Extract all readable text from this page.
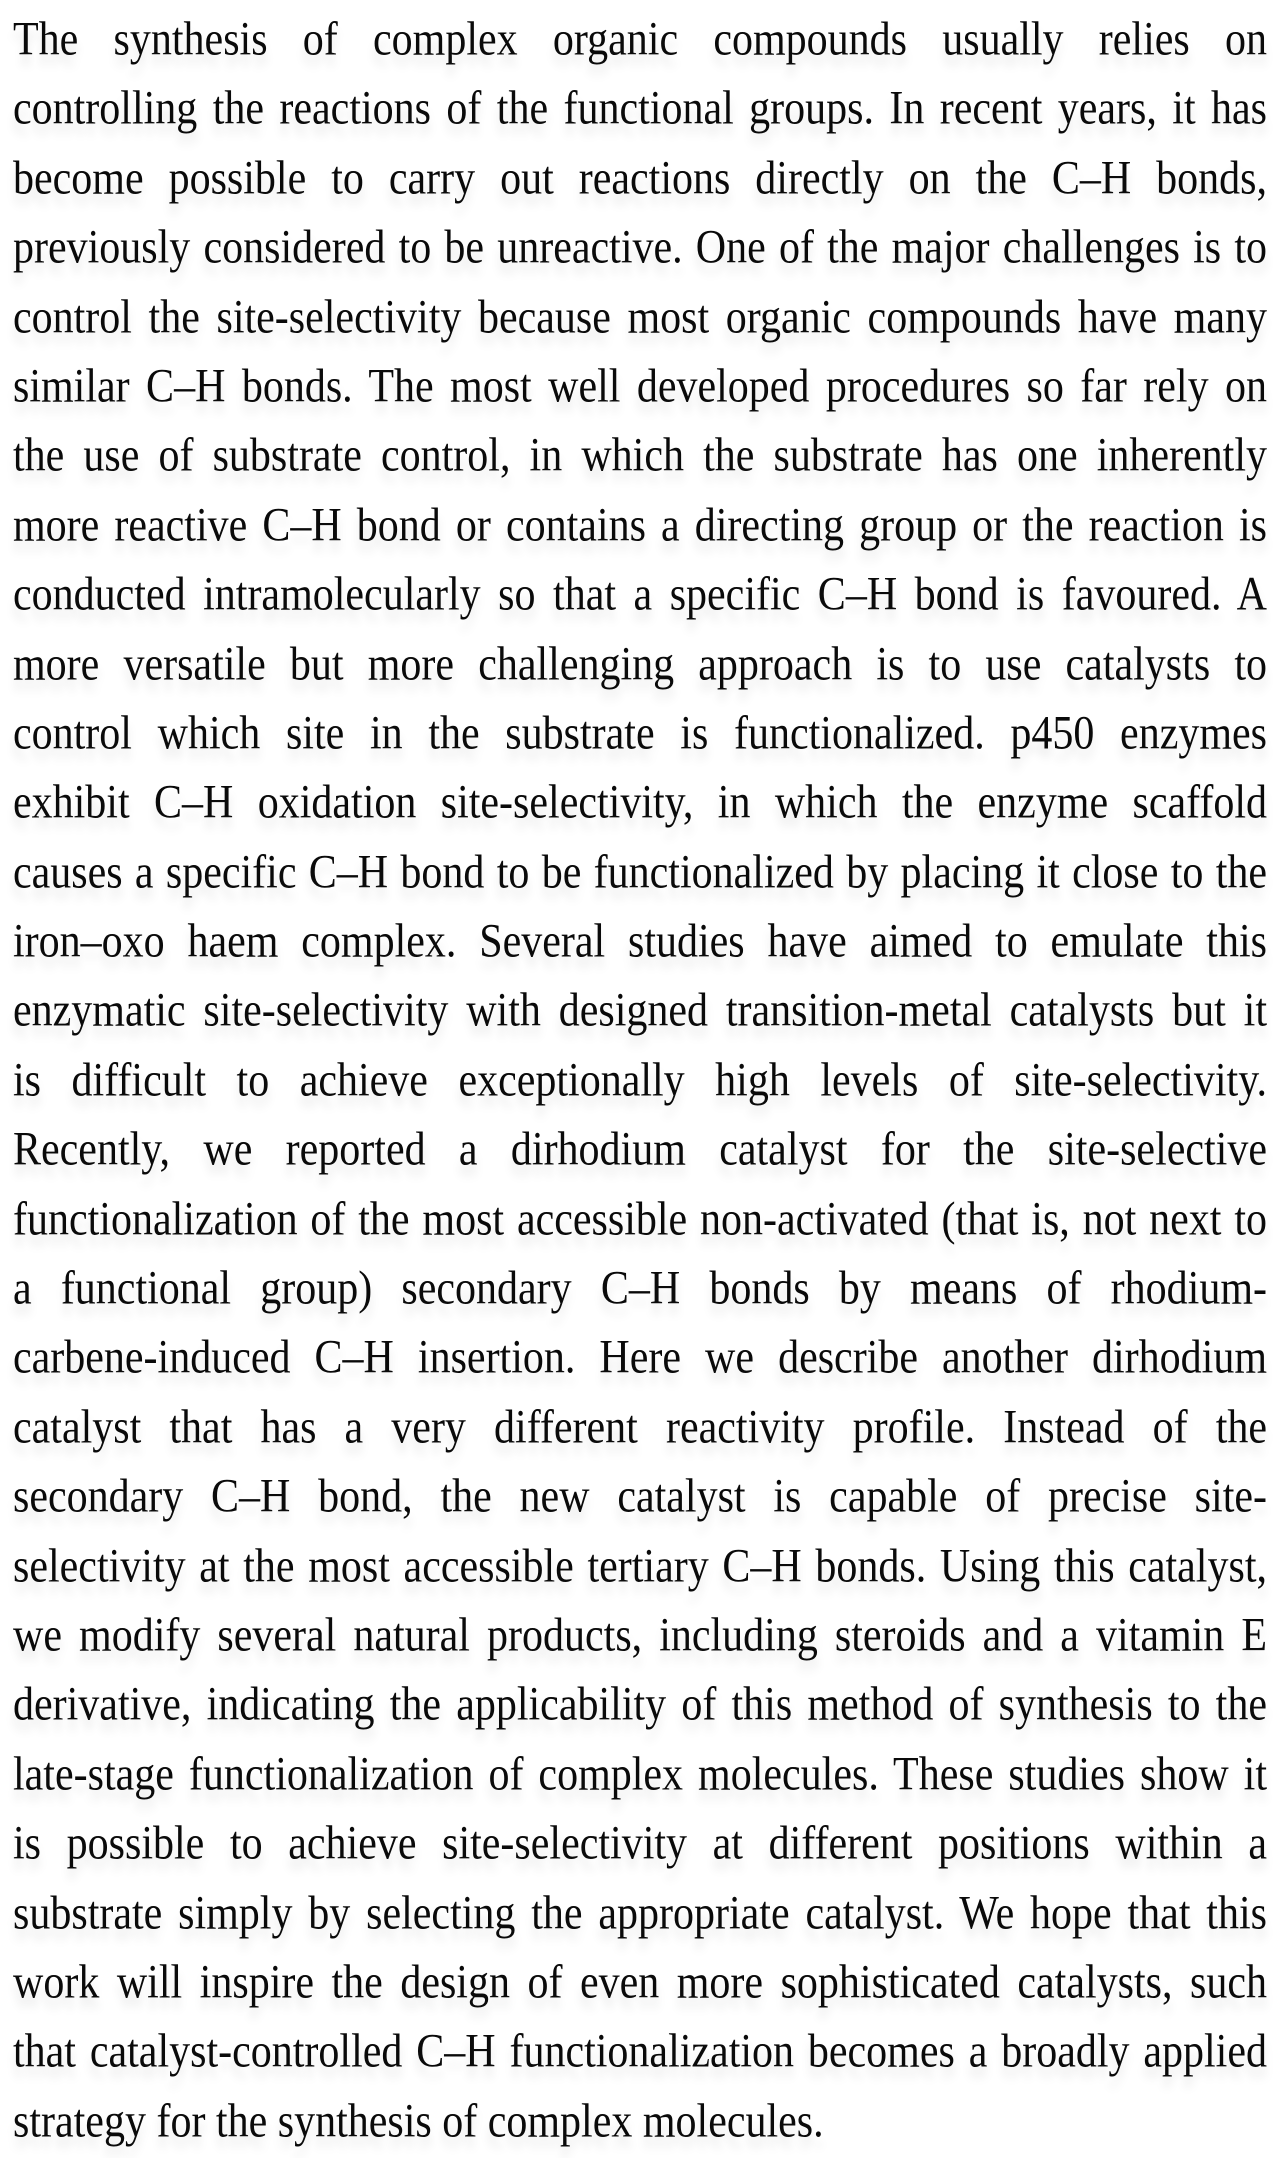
The synthesis of complex organic compounds usually relies on
controlling the reactions of the functional groups. In recent years, it has
become possible to carry out reactions directly on the C–H bonds,
previously considered to be unreactive. One of the major challenges is to
control the site-selectivity because most organic compounds have many
similar C–H bonds. The most well developed procedures so far rely on
the use of substrate control, in which the substrate has one inherently
more reactive C–H bond or contains a directing group or the reaction is
conducted intramolecularly so that a specific C–H bond is favoured. A
more versatile but more challenging approach is to use catalysts to
control which site in the substrate is functionalized. p450 enzymes
exhibit C–H oxidation site-selectivity, in which the enzyme scaffold
causes a specific C–H bond to be functionalized by placing it close to the
iron–oxo haem complex. Several studies have aimed to emulate this
enzymatic site-selectivity with designed transition-metal catalysts but it
is difficult to achieve exceptionally high levels of site-selectivity.
Recently, we reported a dirhodium catalyst for the site-selective
functionalization of the most accessible non-activated (that is, not next to
a functional group) secondary C–H bonds by means of rhodium-
carbene-induced C–H insertion. Here we describe another dirhodium
catalyst that has a very different reactivity profile. Instead of the
secondary C–H bond, the new catalyst is capable of precise site-
selectivity at the most accessible tertiary C–H bonds. Using this catalyst,
we modify several natural products, including steroids and a vitamin E
derivative, indicating the applicability of this method of synthesis to the
late-stage functionalization of complex molecules. These studies show it
is possible to achieve site-selectivity at different positions within a
substrate simply by selecting the appropriate catalyst. We hope that this
work will inspire the design of even more sophisticated catalysts, such
that catalyst-controlled C–H functionalization becomes a broadly applied
strategy for the synthesis of complex molecules.
